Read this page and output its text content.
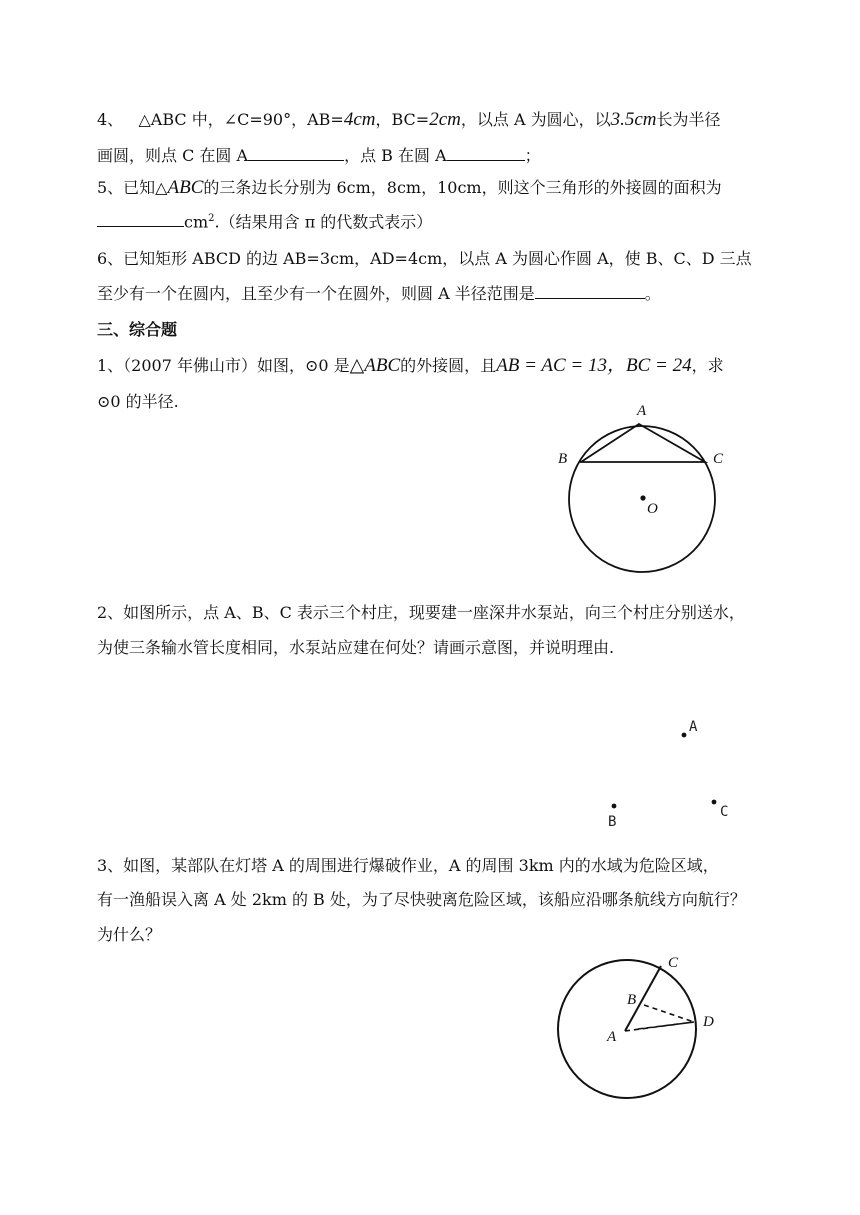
4、 △ABC 中，∠C=90°，AB=4cm，BC=2cm，以点 A 为圆心，以3.5cm长为半径
画圆，则点 C 在圆 A	，点 B 在圆 A	；
5、已知△ABC的三条边长分别为 6cm，8cm，10cm，则这个三角形的外接圆的面积为
$cm^2$.（结果用含 π 的代数式表示）
6、已知矩形 ABCD 的边 AB=3cm，AD=4cm，以点 A 为圆心作圆 A，使 B、C、D 三点
至少有一个在圆内，且至少有一个在圆外，则圆 A 半径范围是	。
三、综合题
1、（2007 年佛山市）如图，⊙0 是△ABC的外接圆，且AB = AC = 13，BC = 24，求
⊙0 的半径.	A
B	C
O
2、如图所示，点 A、B、C 表示三个村庄，现要建一座深井水泵站，向三个村庄分别送水，
为使三条输水管长度相同，水泵站应建在何处？请画示意图，并说明理由.
A
B
C
3、如图，某部队在灯塔 A 的周围进行爆破作业，A 的周围 3km 内的水域为危险区域，
有一渔船误入离 A 处 2km 的 B 处，为了尽快驶离危险区域，该船应沿哪条航线方向航行？
为什么？
C
B
D
A
